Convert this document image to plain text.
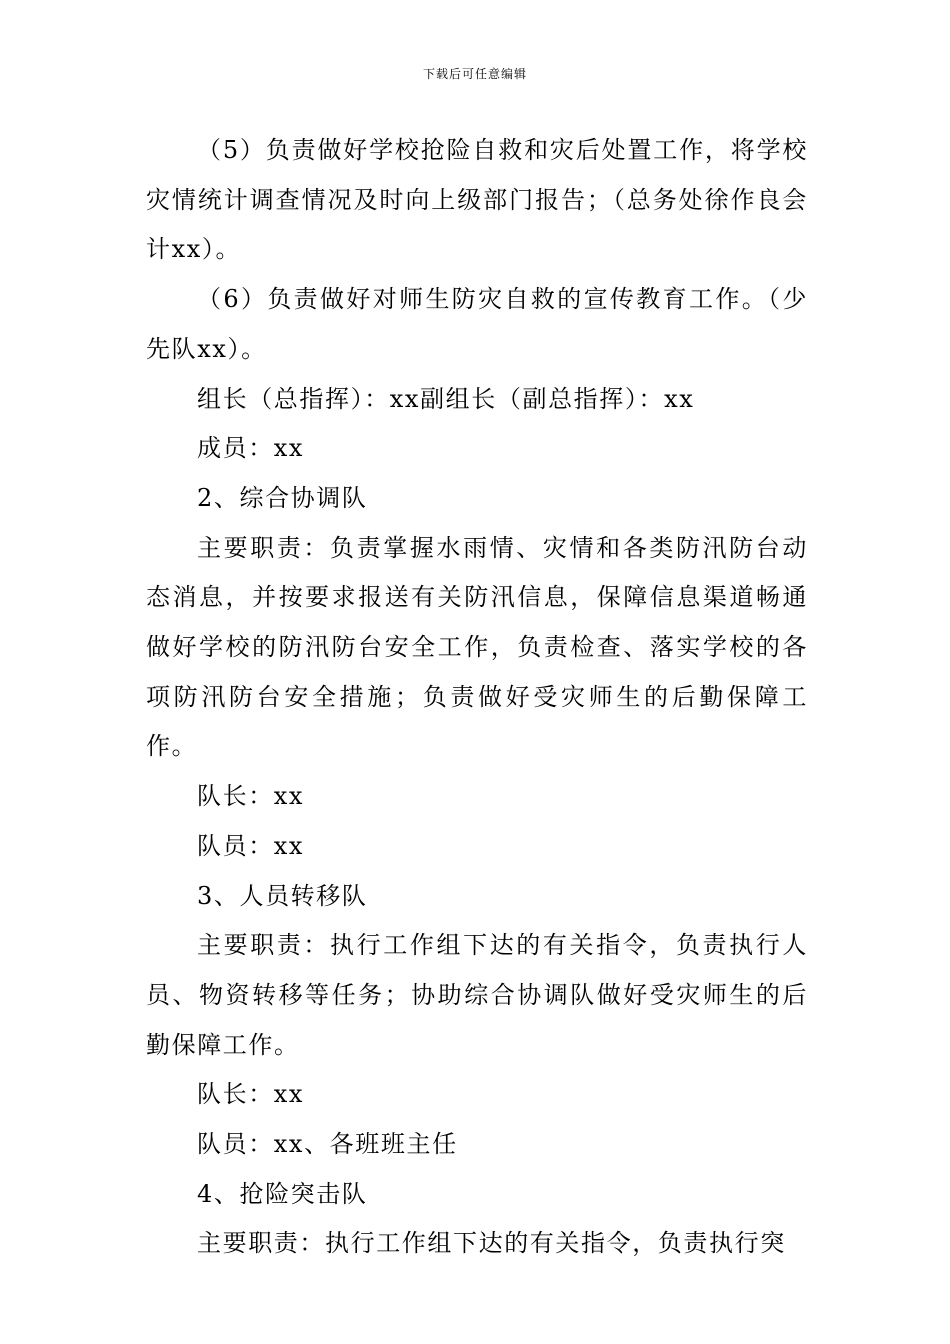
下载后可任意编辑

（5）负责做好学校抢险自救和灾后处置工作，将学校灾情统计调查情况及时向上级部门报告；（总务处徐作良会计xx）。

（6）负责做好对师生防灾自救的宣传教育工作。（少先队xx）。

组长（总指挥）：xx副组长（副总指挥）：xx

成员：xx

2、综合协调队

主要职责：负责掌握水雨情、灾情和各类防汛防台动态消息，并按要求报送有关防汛信息，保障信息渠道畅通做好学校的防汛防台安全工作，负责检查、落实学校的各项防汛防台安全措施；负责做好受灾师生的后勤保障工作。

队长：xx

队员：xx

3、人员转移队

主要职责：执行工作组下达的有关指令，负责执行人员、物资转移等任务；协助综合协调队做好受灾师生的后勤保障工作。

队长：xx

队员：xx、各班班主任

4、抢险突击队

主要职责：执行工作组下达的有关指令，负责执行突
